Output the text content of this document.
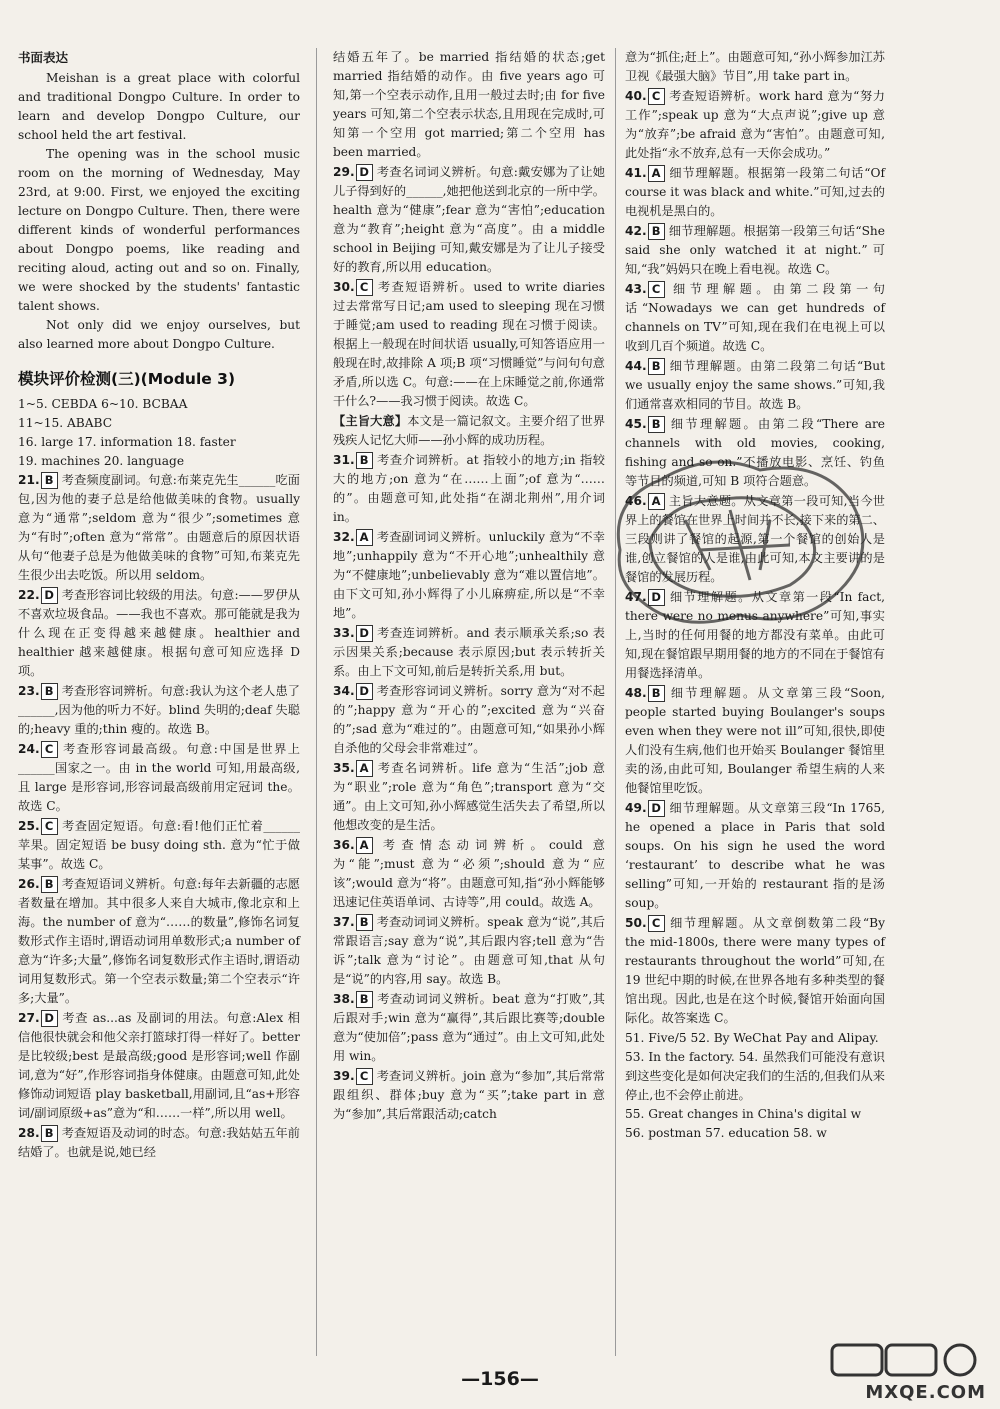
书面表达

Meishan is a great place with colorful and traditional Dongpo Culture. In order to learn and develop Dongpo Culture, our school held the art festival.

The opening was in the school music room on the morning of Wednesday, May 23rd, at 9:00. First, we enjoyed the exciting lecture on Dongpo Culture. Then, there were different kinds of wonderful performances about Dongpo poems, like reading and reciting aloud, acting out and so on. Finally, we were shocked by the students' fantastic talent shows.

Not only did we enjoy ourselves, but also learned more about Dongpo Culture.

模块评价检测(三)(Module 3)

1~5. CEBDA 6~10. BCBAA

11~15. ABABC

16. large 17. information 18. faster

19. machines 20. language

21. B 考查频度副词。句意:布莱克先生______吃面包,因为他的妻子总是给他做美味的食物。usually 意为“通常”;seldom 意为“很少”;sometimes 意为“有时”;often 意为“常常”。由题意后的原因状语从句“他妻子总是为他做美味的食物”可知,布莱克先生很少出去吃饭。所以用 seldom。

22. D 考查形容词比较级的用法。句意:——罗伊从不喜欢垃圾食品。——我也不喜欢。那可能就是我为什么现在正变得越来越健康。healthier and healthier 越来越健康。根据句意可知应选择 D 项。

23. B 考查形容词辨析。句意:我认为这个老人患了______,因为他的听力不好。blind 失明的;deaf 失聪的;heavy 重的;thin 瘦的。故选 B。

24. C 考查形容词最高级。句意:中国是世界上______国家之一。由 in the world 可知,用最高级,且 large 是形容词,形容词最高级前用定冠词 the。故选 C。

25. C 考查固定短语。句意:看!他们正忙着______苹果。固定短语 be busy doing sth. 意为“忙于做某事”。故选 C。

26. B 考查短语词义辨析。句意:每年去新疆的志愿者数量在增加。其中很多人来自大城市,像北京和上海。the number of 意为“……的数量”,修饰名词复数形式作主语时,谓语动词用单数形式;a number of 意为“许多;大量”,修饰名词复数形式作主语时,谓语动词用复数形式。第一个空表示数量;第二个空表示“许多;大量”。

27. D 考查 as...as 及副词的用法。句意:Alex 相信他很快就会和他父亲打篮球打得一样好了。better 是比较级;best 是最高级;good 是形容词;well 作副词,意为“好”,作形容词指身体健康。由题意可知,此处修饰动词短语 play basketball,用副词,且“as+形容词/副词原级+as”意为“和……一样”,所以用 well。

28. B 考查短语及动词的时态。句意:我姑姑五年前结婚了。也就是说,她已经

结婚五年了。be married 指结婚的状态;get married 指结婚的动作。由 five years ago 可知,第一个空表示动作,且用一般过去时;由 for five years 可知,第二个空表示状态,且用现在完成时,可知第一个空用 got married;第二个空用 has been married。

29. D 考查名词词义辨析。句意:戴安娜为了让她儿子得到好的______,她把他送到北京的一所中学。health 意为“健康”;fear 意为“害怕”;education 意为“教育”;height 意为“高度”。由 a middle school in Beijing 可知,戴安娜是为了让儿子接受好的教育,所以用 education。

30. C 考查短语辨析。used to write diaries 过去常常写日记;am used to sleeping 现在习惯于睡觉;am used to reading 现在习惯于阅读。根据上一般现在时间状语 usually,可知答语应用一般现在时,故排除 A 项;B 项“习惯睡觉”与问句句意矛盾,所以选 C。句意:——在上床睡觉之前,你通常干什么?——我习惯于阅读。故选 C。

【主旨大意】本文是一篇记叙文。主要介绍了世界残疾人记忆大师——孙小辉的成功历程。

31. B 考查介词辨析。at 指较小的地方;in 指较大的地方;on 意为“在……上面”;of 意为“……的”。由题意可知,此处指“在湖北荆州”,用介词 in。

32. A 考查副词词义辨析。unluckily 意为“不幸地”;unhappily 意为“不开心地”;unhealthily 意为“不健康地”;unbelievably 意为“难以置信地”。由下文可知,孙小辉得了小儿麻痹症,所以是“不幸地”。

33. D 考查连词辨析。and 表示顺承关系;so 表示因果关系;because 表示原因;but 表示转折关系。由上下文可知,前后是转折关系,用 but。

34. D 考查形容词词义辨析。sorry 意为“对不起的”;happy 意为“开心的”;excited 意为“兴奋的”;sad 意为“难过的”。由题意可知,“如果孙小辉自杀他的父母会非常难过”。

35. A 考查名词辨析。life 意为“生活”;job 意为“职业”;role 意为“角色”;transport 意为“交通”。由上文可知,孙小辉感觉生活失去了希望,所以他想改变的是生活。

36. A 考查情态动词辨析。could 意为“能”;must 意为“必须”;should 意为“应该”;would 意为“将”。由题意可知,指“孙小辉能够迅速记住英语单词、古诗等”,用 could。故选 A。

37. B 考查动词词义辨析。speak 意为“说”,其后常跟语言;say 意为“说”,其后跟内容;tell 意为“告诉”;talk 意为“讨论”。由题意可知,that 从句是“说”的内容,用 say。故选 B。

38. B 考查动词词义辨析。beat 意为“打败”,其后跟对手;win 意为“赢得”,其后跟比赛等;double 意为“使加倍”;pass 意为“通过”。由上文可知,此处用 win。

39. C 考查词义辨析。join 意为“参加”,其后常常跟组织、群体;buy 意为“买”;take part in 意为“参加”,其后常跟活动;catch

意为“抓住;赶上”。由题意可知,“孙小辉参加江苏卫视《最强大脑》节目”,用 take part in。

40. C 考查短语辨析。work hard 意为“努力工作”;speak up 意为“大点声说”;give up 意为“放弃”;be afraid 意为“害怕”。由题意可知,此处指“永不放弃,总有一天你会成功。”

41. A 细节理解题。根据第一段第二句话“Of course it was black and white.”可知,过去的电视机是黑白的。

42. B 细节理解题。根据第一段第三句话“She said she only watched it at night.”可知,“我”妈妈只在晚上看电视。故选 C。

43. C 细节理解题。由第二段第一句话“Nowadays we can get hundreds of channels on TV”可知,现在我们在电视上可以收到几百个频道。故选 C。

44. B 细节理解题。由第二段第二句话“But we usually enjoy the same shows.”可知,我们通常喜欢相同的节目。故选 B。

45. B 细节理解题。由第二段“There are channels with old movies, cooking, fishing and so on.”不播放电影、烹饪、钓鱼等节目的频道,可知 B 项符合题意。

46. A 主旨大意题。从文章第一段可知,当今世界上的餐馆在世界上时间并不长,接下来的第二、三段则讲了餐馆的起源,第一个餐馆的创始人是谁,创立餐馆的人是谁,由此可知,本文主要讲的是餐馆的发展历程。

47. D 细节理解题。从文章第一段“In fact, there were no menus anywhere”可知,事实上,当时的任何用餐的地方都没有菜单。由此可知,现在餐馆跟早期用餐的地方的不同在于餐馆有用餐选择清单。

48. B 细节理解题。从文章第三段“Soon, people started buying Boulanger's soups even when they were not ill”可知,很快,即使人们没有生病,他们也开始买 Boulanger 餐馆里卖的汤,由此可知, Boulanger 希望生病的人来他餐馆里吃饭。

49. D 细节理解题。从文章第三段“In 1765, he opened a place in Paris that sold soups. On his sign he used the word ‘restaurant’ to describe what he was selling”可知,一开始的 restaurant 指的是汤 soup。

50. C 细节理解题。从文章倒数第二段“By the mid-1800s, there were many types of restaurants throughout the world”可知,在 19 世纪中期的时候,在世界各地有多种类型的餐馆出现。因此,也是在这个时候,餐馆开始面向国际化。故答案选 C。

51. Five/5 52. By WeChat Pay and Alipay.

53. In the factory. 54. 虽然我们可能没有意识到这些变化是如何决定我们的生活的,但我们从来停止,也不会停止前进。

55. Great changes in China's digital w

56. postman 57. education 58. w

—156—
MXQE.COM
